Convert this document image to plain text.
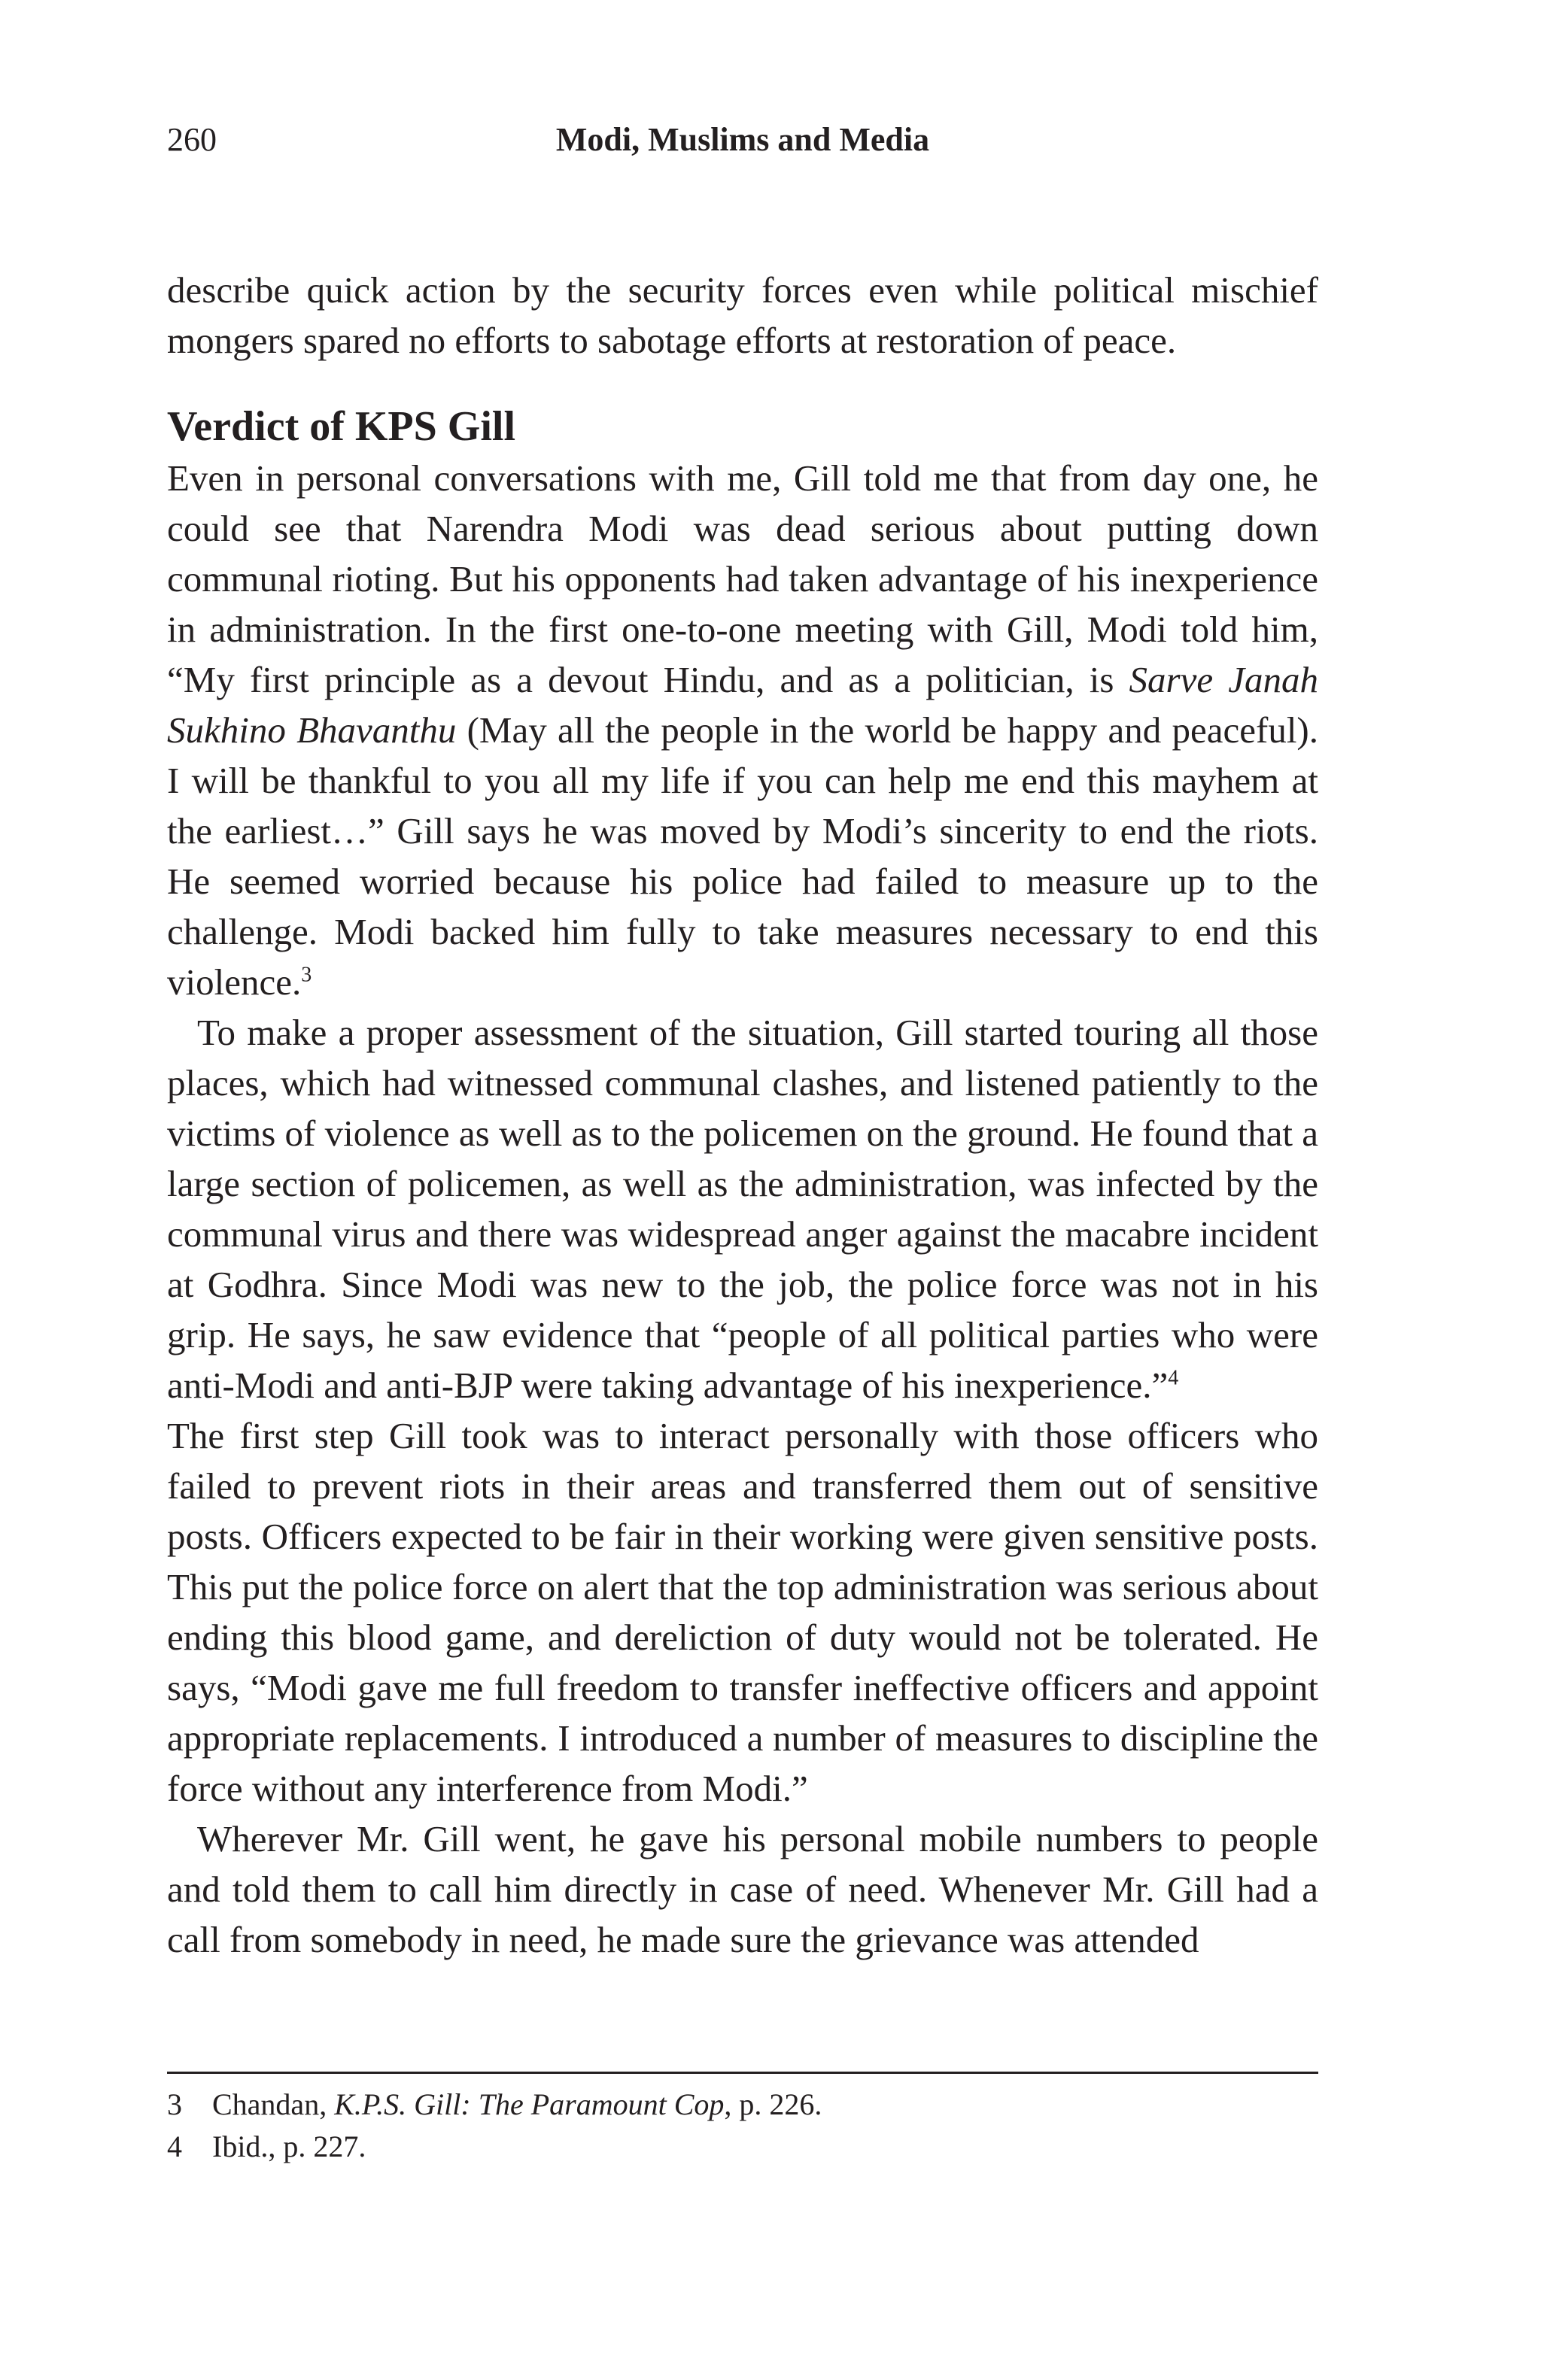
260	Modi, Muslims and Media

describe quick action by the security forces even while political mischief mongers spared no efforts to sabotage efforts at restoration of peace.

Verdict of KPS Gill

Even in personal conversations with me, Gill told me that from day one, he could see that Narendra Modi was dead serious about putting down communal rioting. But his opponents had taken advantage of his inexperience in administration. In the first one-to-one meeting with Gill, Modi told him, “My first principle as a devout Hindu, and as a politician, is Sarve Janah Sukhino Bhavanthu (May all the people in the world be happy and peaceful). I will be thankful to you all my life if you can help me end this mayhem at the earliest…” Gill says he was moved by Modi’s sincerity to end the riots. He seemed worried because his police had failed to measure up to the challenge. Modi backed him fully to take measures necessary to end this violence.$^3$

To make a proper assessment of the situation, Gill started touring all those places, which had witnessed communal clashes, and listened patiently to the victims of violence as well as to the policemen on the ground. He found that a large section of policemen, as well as the administration, was infected by the communal virus and there was widespread anger against the macabre incident at Godhra. Since Modi was new to the job, the police force was not in his grip. He says, he saw evidence that “people of all political parties who were anti-Modi and anti-BJP were taking advantage of his inexperience.”$^4$

The first step Gill took was to interact personally with those officers who failed to prevent riots in their areas and transferred them out of sensitive posts. Officers expected to be fair in their working were given sensitive posts. This put the police force on alert that the top administration was serious about ending this blood game, and dereliction of duty would not be tolerated. He says, “Modi gave me full freedom to transfer ineffective officers and appoint appropriate replacements. I introduced a number of measures to discipline the force without any interference from Modi.”

Wherever Mr. Gill went, he gave his personal mobile numbers to people and told them to call him directly in case of need. Whenever Mr. Gill had a call from somebody in need, he made sure the grievance was attended

3	Chandan, K.P.S. Gill: The Paramount Cop, p. 226.
4	Ibid., p. 227.
